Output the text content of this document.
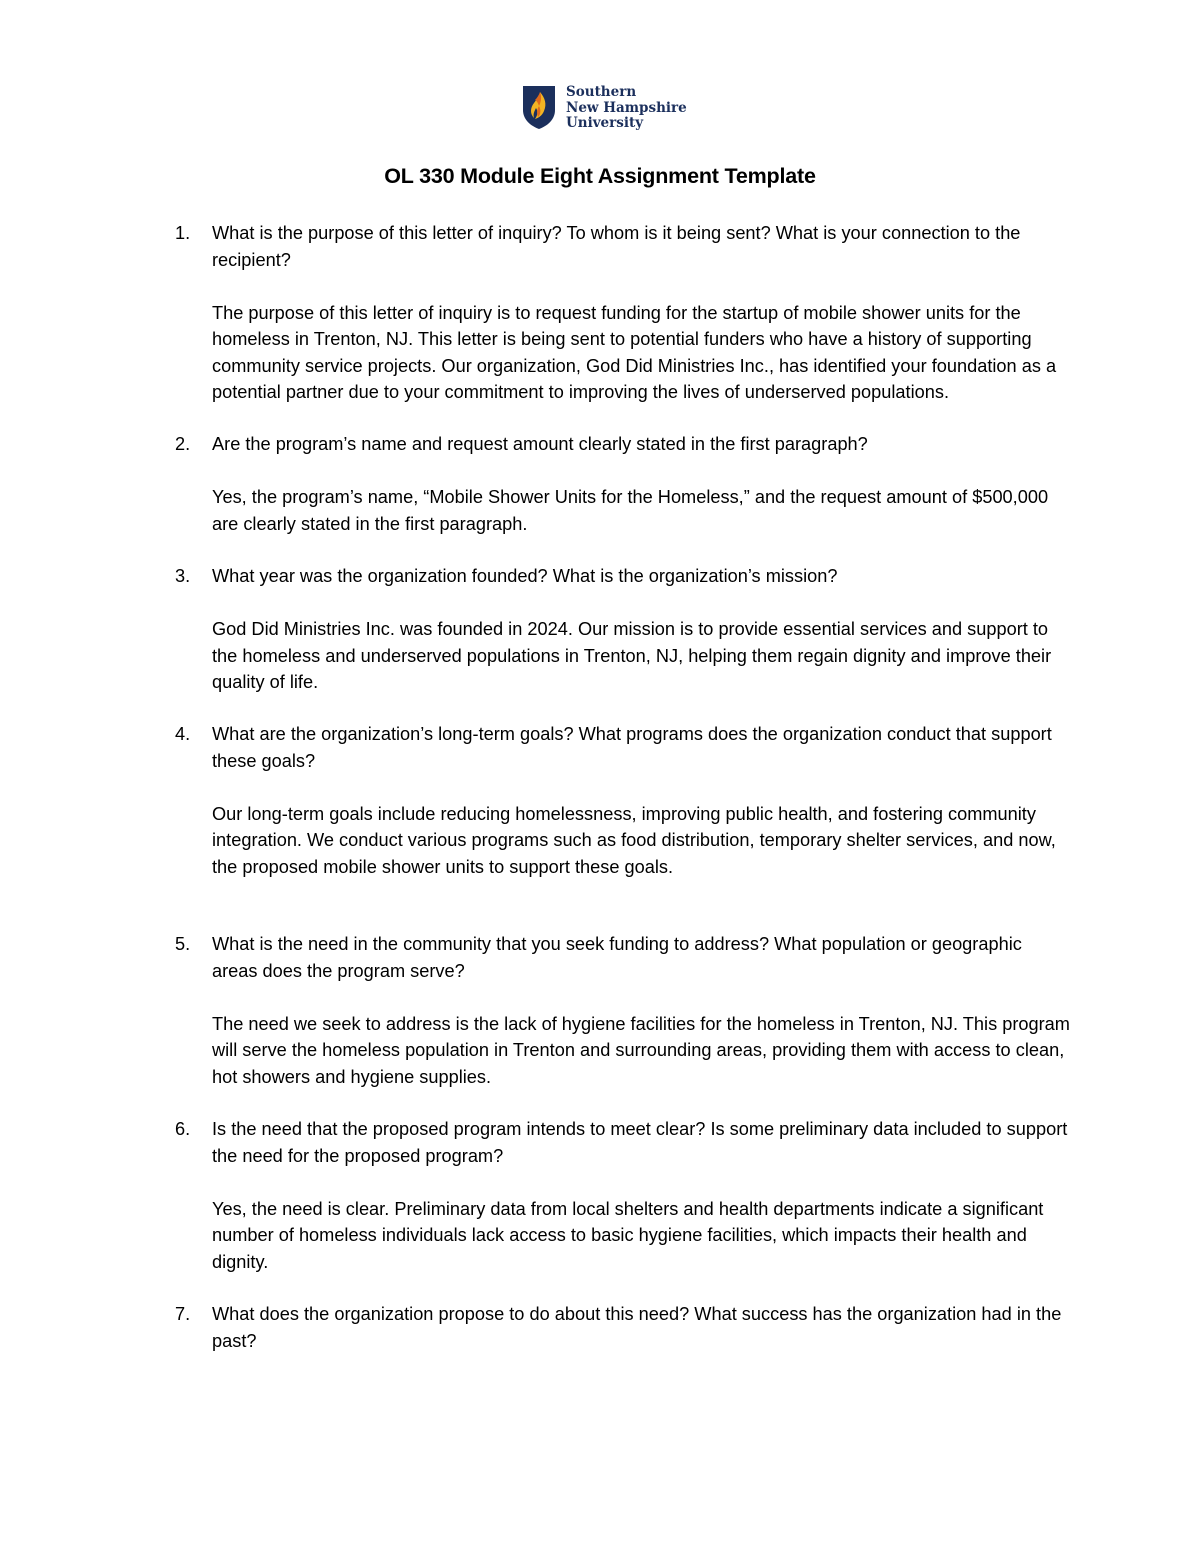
Southern
New Hampshire
University
OL 330 Module Eight Assignment Template
1. What is the purpose of this letter of inquiry? To whom is it being sent? What is your connection to the recipient?
The purpose of this letter of inquiry is to request funding for the startup of mobile shower units for the homeless in Trenton, NJ. This letter is being sent to potential funders who have a history of supporting community service projects. Our organization, God Did Ministries Inc., has identified your foundation as a potential partner due to your commitment to improving the lives of underserved populations.
2. Are the program’s name and request amount clearly stated in the first paragraph?
Yes, the program’s name, “Mobile Shower Units for the Homeless,” and the request amount of $500,000 are clearly stated in the first paragraph.
3. What year was the organization founded? What is the organization’s mission?
God Did Ministries Inc. was founded in 2024. Our mission is to provide essential services and support to the homeless and underserved populations in Trenton, NJ, helping them regain dignity and improve their quality of life.
4. What are the organization’s long-term goals? What programs does the organization conduct that support these goals?
Our long-term goals include reducing homelessness, improving public health, and fostering community integration. We conduct various programs such as food distribution, temporary shelter services, and now, the proposed mobile shower units to support these goals.
5. What is the need in the community that you seek funding to address? What population or geographic areas does the program serve?
The need we seek to address is the lack of hygiene facilities for the homeless in Trenton, NJ. This program will serve the homeless population in Trenton and surrounding areas, providing them with access to clean, hot showers and hygiene supplies.
6. Is the need that the proposed program intends to meet clear? Is some preliminary data included to support the need for the proposed program?
Yes, the need is clear. Preliminary data from local shelters and health departments indicate a significant number of homeless individuals lack access to basic hygiene facilities, which impacts their health and dignity.
7. What does the organization propose to do about this need? What success has the organization had in the past?
